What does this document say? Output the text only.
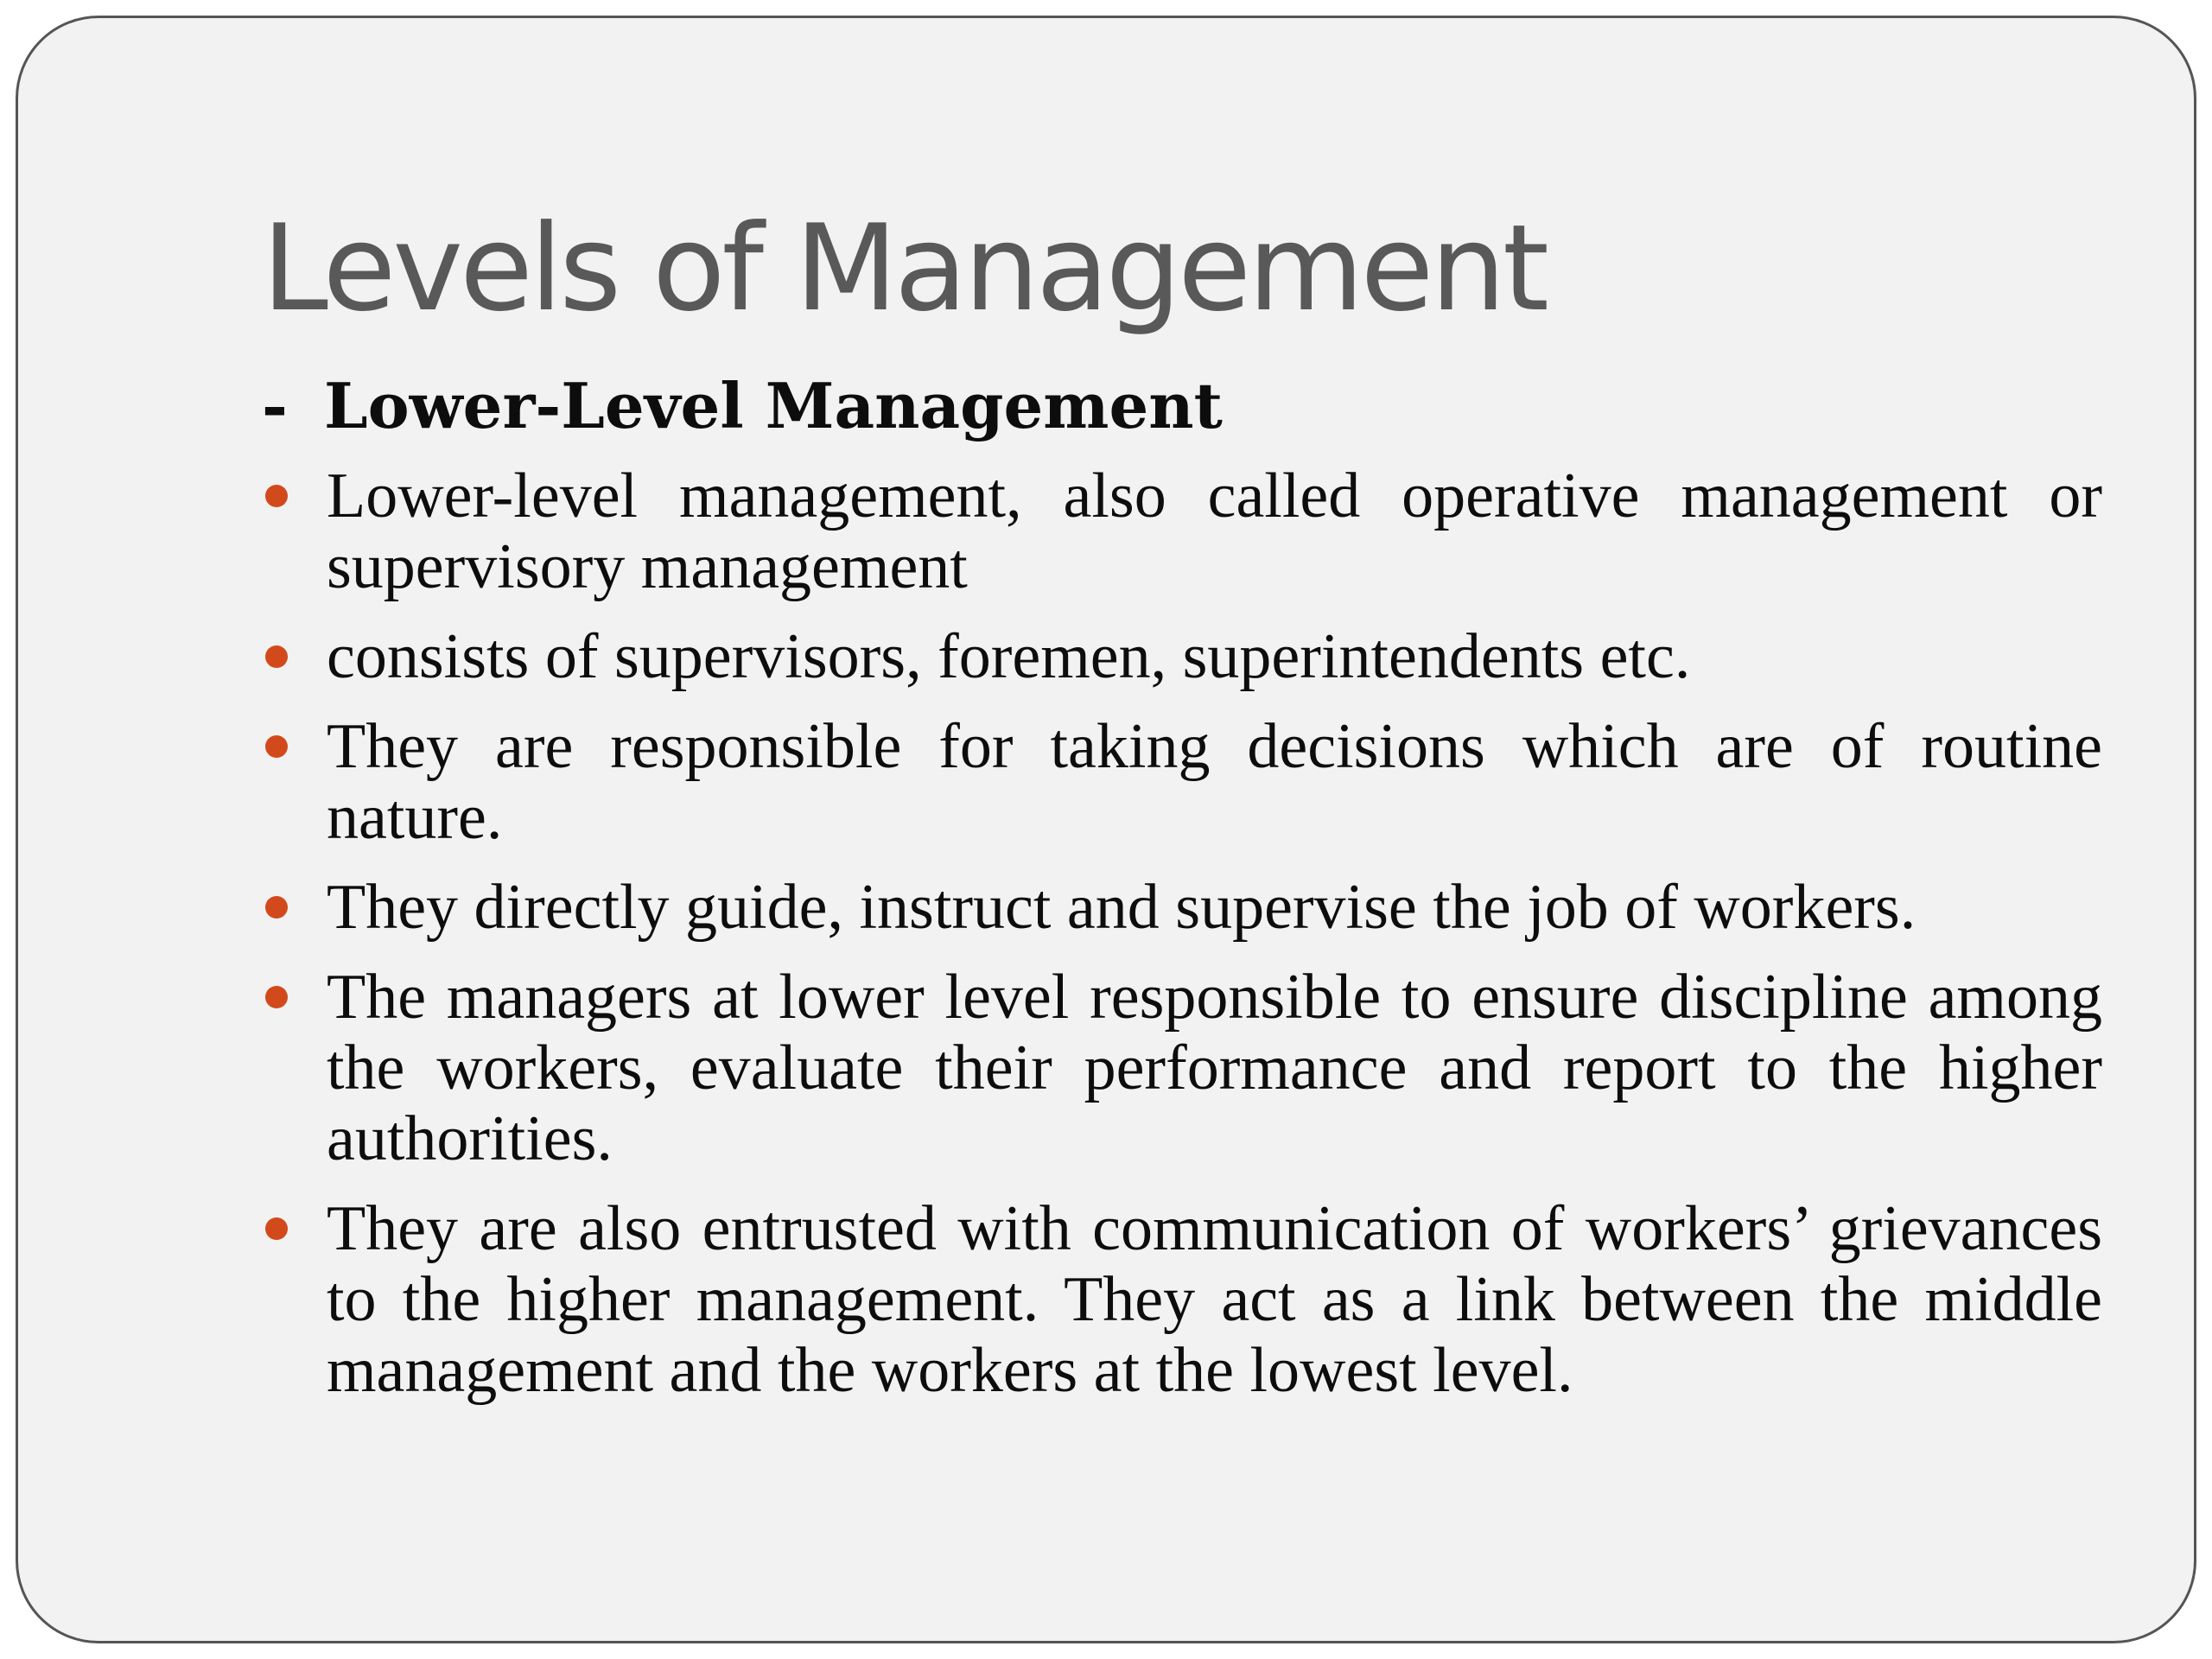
Levels of Management

- Lower-Level Management

Lower-level management, also called operative management or supervisory management
consists of supervisors, foremen, superintendents etc.
They are responsible for taking decisions which are of routine nature.
They directly guide, instruct and supervise the job of workers.
The managers at lower level responsible to ensure discipline among the workers, evaluate their performance and report to the higher authorities.
They are also entrusted with communication of workers’ grievances to the higher management. They act as a link between the middle management and the workers at the lowest level.
